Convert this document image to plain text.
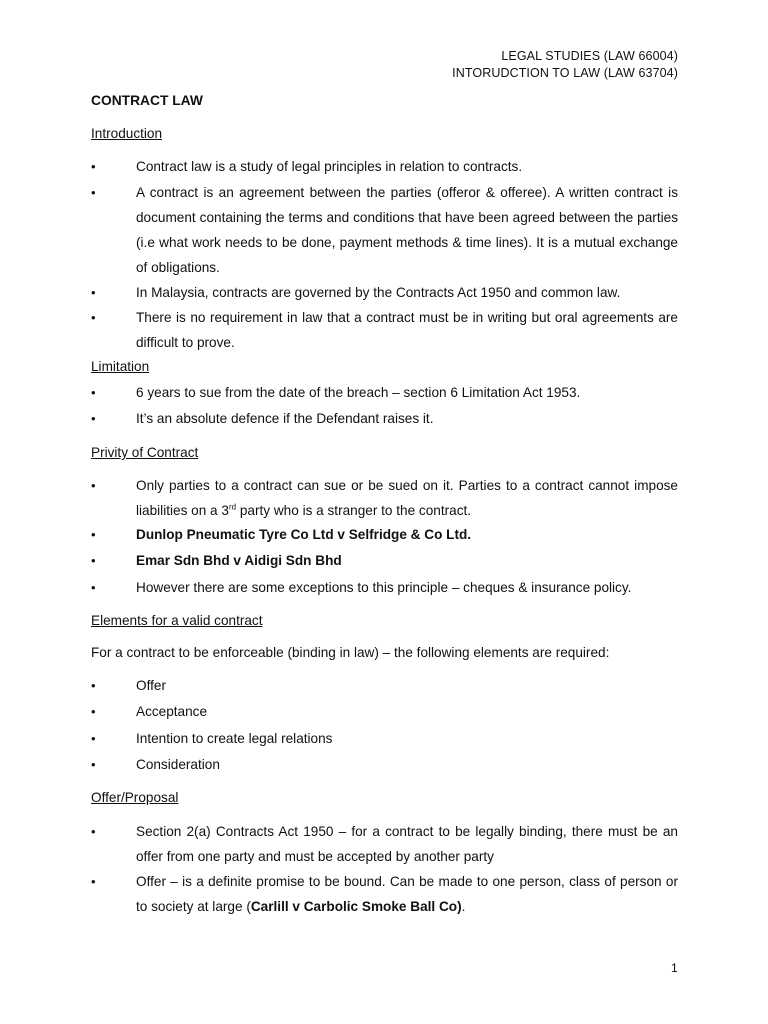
LEGAL STUDIES (LAW 66004)
INTORUDCTION TO LAW (LAW 63704)
CONTRACT LAW
Introduction
•	Contract law is a study of legal principles in relation to contracts.
•	A contract is an agreement between the parties (offeror & offeree). A written contract is document containing the terms and conditions that have been agreed between the parties (i.e what work needs to be done, payment methods & time lines). It is a mutual exchange of obligations.
•	In Malaysia, contracts are governed by the Contracts Act 1950 and common law.
•	There is no requirement in law that a contract must be in writing but oral agreements are difficult to prove.
Limitation
•	6 years to sue from the date of the breach – section 6 Limitation Act 1953.
•	It’s an absolute defence if the Defendant raises it.
Privity of Contract
•	Only parties to a contract can sue or be sued on it. Parties to a contract cannot impose liabilities on a 3rd party who is a stranger to the contract.
•	Dunlop Pneumatic Tyre Co Ltd v Selfridge & Co Ltd.
•	Emar Sdn Bhd v Aidigi Sdn Bhd
•	However there are some exceptions to this principle – cheques & insurance policy.
Elements for a valid contract
For a contract to be enforceable (binding in law) – the following elements are required:
•	Offer
•	Acceptance
•	Intention to create legal relations
•	Consideration
Offer/Proposal
•	Section 2(a) Contracts Act 1950 – for a contract to be legally binding, there must be an offer from one party and must be accepted by another party
•	Offer – is a definite promise to be bound. Can be made to one person, class of person or to society at large (Carlill v Carbolic Smoke Ball Co).
1
